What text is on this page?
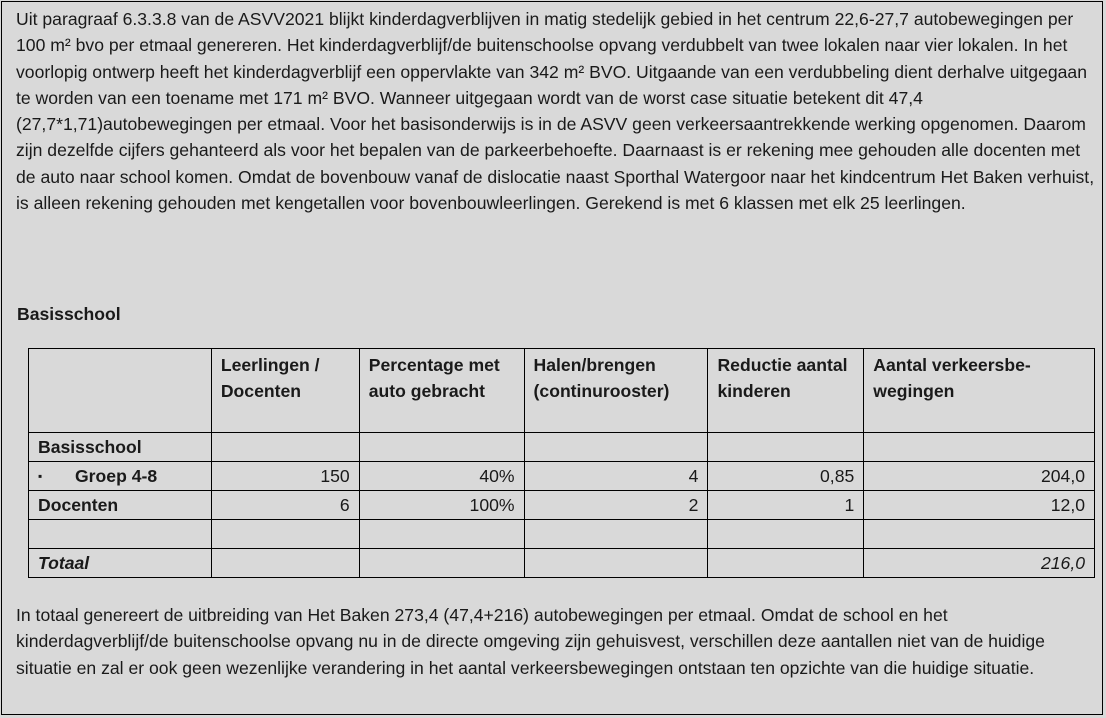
Uit paragraaf 6.3.3.8 van de ASVV2021 blijkt kinderdagverblijven in matig stedelijk gebied in het centrum 22,6-27,7 autobewegingen per 100 m² bvo per etmaal genereren. Het kinderdagverblijf/de buitenschoolse opvang verdubbelt van twee lokalen naar vier lokalen. In het voorlopig ontwerp heeft het kinderdagverblijf een oppervlakte van 342 m² BVO. Uitgaande van een verdubbeling dient derhalve uitgegaan te worden van een toename met 171 m² BVO. Wanneer uitgegaan wordt van de worst case situatie betekent dit 47,4 (27,7*1,71)autobewegingen per etmaal. Voor het basisonderwijs is in de ASVV geen verkeersaantrekkende werking opgenomen. Daarom zijn dezelfde cijfers gehanteerd als voor het bepalen van de parkeerbehoefte. Daarnaast is er rekening mee gehouden alle docenten met de auto naar school komen. Omdat de bovenbouw vanaf de dislocatie naast Sporthal Watergoor naar het kindcentrum Het Baken verhuist, is alleen rekening gehouden met kengetallen voor bovenbouwleerlingen. Gerekend is met 6 klassen met elk 25 leerlingen.

Basisschool

	Leerlingen / Docenten	Percentage met auto gebracht	Halen/brengen (continurooster)	Reductie aantal kinderen	Aantal verkeersbewegingen
Basisschool					
▪ Groep 4-8	150	40%	4	0,85	204,0
Docenten	6	100%	2	1	12,0

Totaal					216,0

In totaal genereert de uitbreiding van Het Baken 273,4 (47,4+216) autobewegingen per etmaal. Omdat de school en het kinderdagverblijf/de buitenschoolse opvang nu in de directe omgeving zijn gehuisvest, verschillen deze aantallen niet van de huidige situatie en zal er ook geen wezenlijke verandering in het aantal verkeersbewegingen ontstaan ten opzichte van die huidige situatie.
